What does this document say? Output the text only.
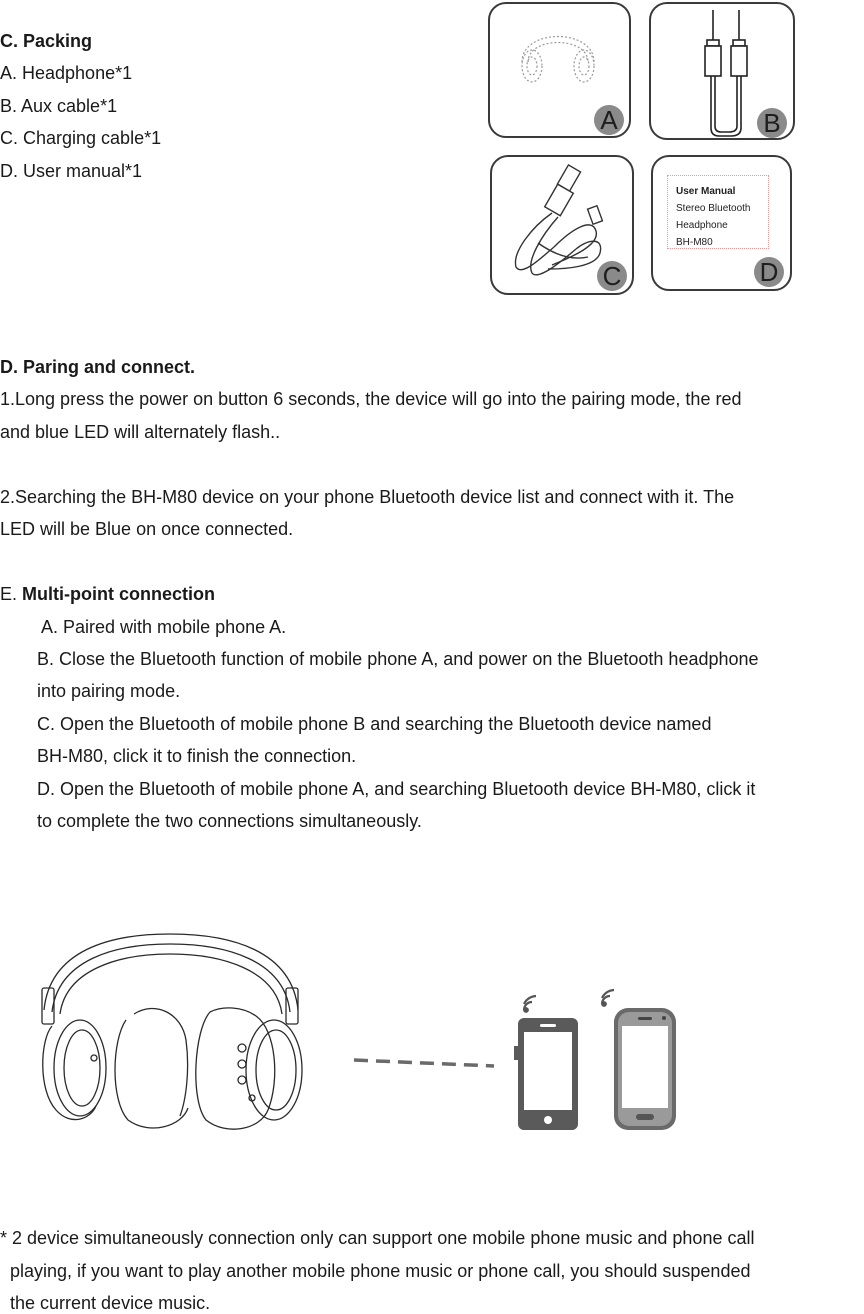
C. Packing
A. Headphone*1
B. Aux cable*1
C. Charging cable*1
D. User manual*1
A	B
C
User Manual
Stereo Bluetooth
Headphone
BH-M80
D
D. Paring and connect.
1.Long press the power on button 6 seconds, the device will go into the pairing mode, the red
and blue LED will alternately flash..
2.Searching the BH-M80 device on your phone Bluetooth device list and connect with it. The
LED will be Blue on once connected.
E. Multi-point connection
A. Paired with mobile phone A.
B. Close the Bluetooth function of mobile phone A, and power on the Bluetooth headphone
into pairing mode.
C. Open the Bluetooth of mobile phone B and searching the Bluetooth device named
BH-M80, click it to finish the connection.
D. Open the Bluetooth of mobile phone A, and searching Bluetooth device BH-M80, click it
to complete the two connections simultaneously.
* 2 device simultaneously connection only can support one mobile phone music and phone call
playing, if you want to play another mobile phone music or phone call, you should suspended
the current device music.
